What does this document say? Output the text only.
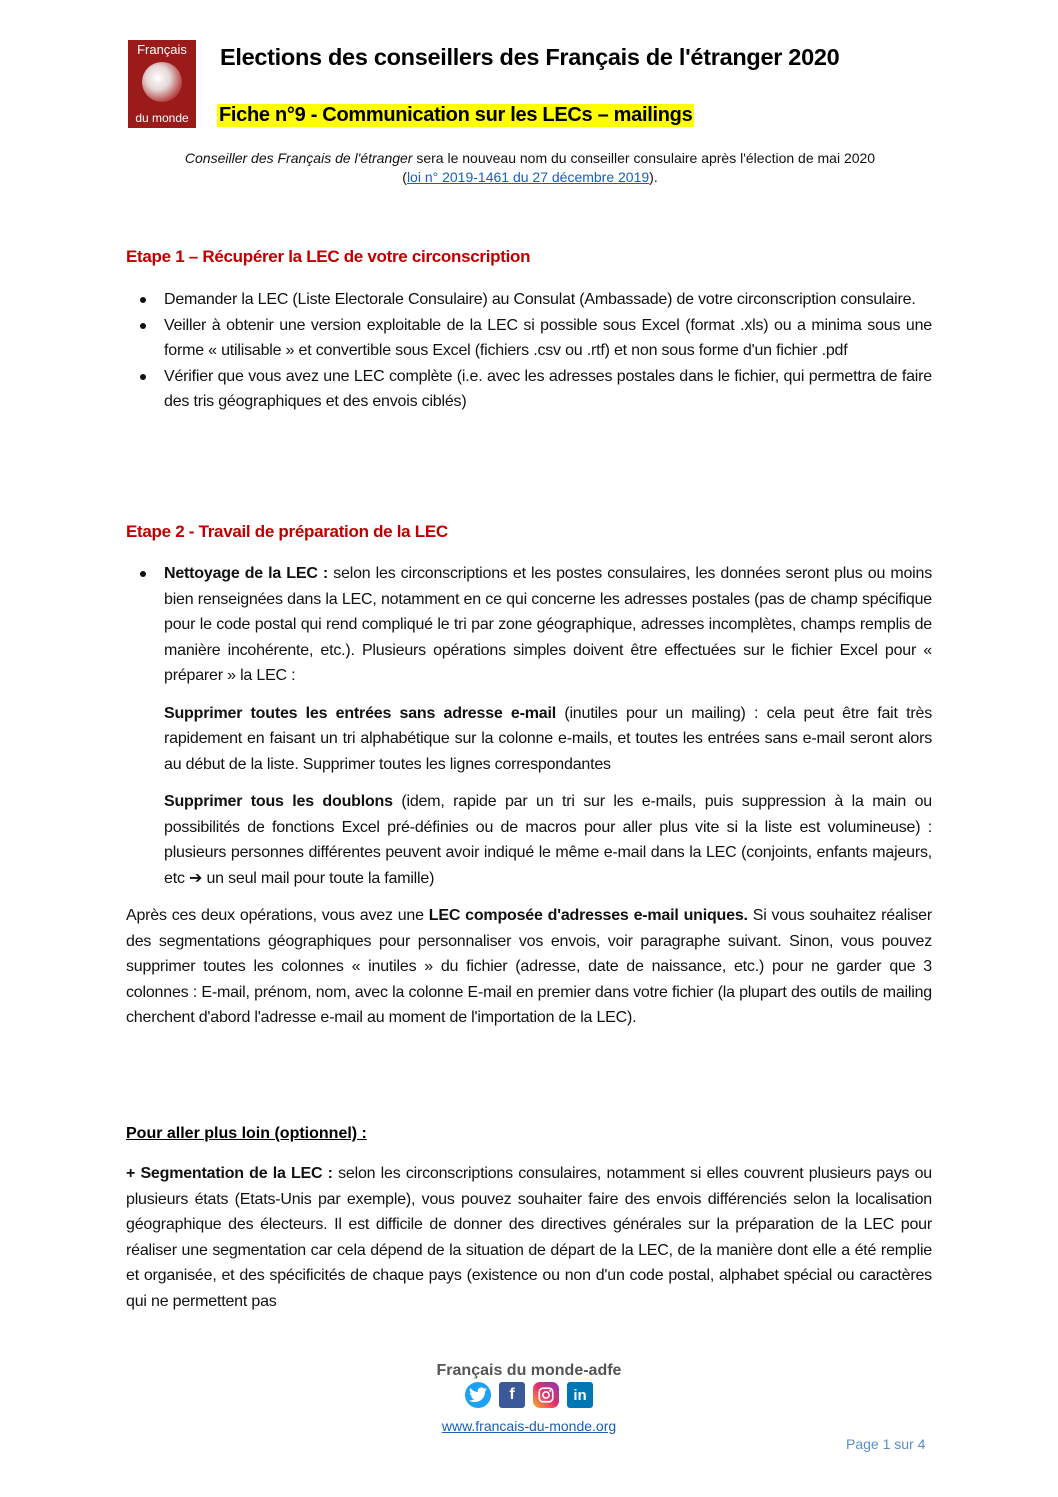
Français
du monde
Elections des conseillers des Français de l'étranger 2020
Fiche n°9 - Communication sur les LECs – mailings
Conseiller des Français de l'étranger sera le nouveau nom du conseiller consulaire après l'élection de mai 2020
(loi n° 2019-1461 du 27 décembre 2019).
Etape 1 – Récupérer la LEC de votre circonscription
Demander la LEC (Liste Electorale Consulaire) au Consulat (Ambassade) de votre circonscription consulaire.
Veiller à obtenir une version exploitable de la LEC si possible sous Excel (format .xls) ou a minima sous une forme « utilisable » et convertible sous Excel (fichiers .csv ou .rtf) et non sous forme d'un fichier .pdf
Vérifier que vous avez une LEC complète (i.e. avec les adresses postales dans le fichier, qui permettra de faire des tris géographiques et des envois ciblés)
Etape 2 - Travail de préparation de la LEC
Nettoyage de la LEC : selon les circonscriptions et les postes consulaires, les données seront plus ou moins bien renseignées dans la LEC, notamment en ce qui concerne les adresses postales (pas de champ spécifique pour le code postal qui rend compliqué le tri par zone géographique, adresses incomplètes, champs remplis de manière incohérente, etc.). Plusieurs opérations simples doivent être effectuées sur le fichier Excel pour « préparer » la LEC :
Supprimer toutes les entrées sans adresse e-mail (inutiles pour un mailing) : cela peut être fait très rapidement en faisant un tri alphabétique sur la colonne e-mails, et toutes les entrées sans e-mail seront alors au début de la liste. Supprimer toutes les lignes correspondantes
Supprimer tous les doublons (idem, rapide par un tri sur les e-mails, puis suppression à la main ou possibilités de fonctions Excel pré-définies ou de macros pour aller plus vite si la liste est volumineuse) : plusieurs personnes différentes peuvent avoir indiqué le même e-mail dans la LEC (conjoints, enfants majeurs, etc ➔ un seul mail pour toute la famille)

Après ces deux opérations, vous avez une LEC composée d'adresses e-mail uniques. Si vous souhaitez réaliser des segmentations géographiques pour personnaliser vos envois, voir paragraphe suivant. Sinon, vous pouvez supprimer toutes les colonnes « inutiles » du fichier (adresse, date de naissance, etc.) pour ne garder que 3 colonnes : E-mail, prénom, nom, avec la colonne E-mail en premier dans votre fichier (la plupart des outils de mailing cherchent d'abord l'adresse e-mail au moment de l'importation de la LEC).

Pour aller plus loin (optionnel) :
+ Segmentation de la LEC : selon les circonscriptions consulaires, notamment si elles couvrent plusieurs pays ou plusieurs états (Etats-Unis par exemple), vous pouvez souhaiter faire des envois différenciés selon la localisation géographique des électeurs. Il est difficile de donner des directives générales sur la préparation de la LEC pour réaliser une segmentation car cela dépend de la situation de départ de la LEC, de la manière dont elle a été remplie et organisée, et des spécificités de chaque pays (existence ou non d'un code postal, alphabet spécial ou caractères qui ne permettent pas
Français du monde-adfe
f	in
www.francais-du-monde.org
Page 1 sur 4
